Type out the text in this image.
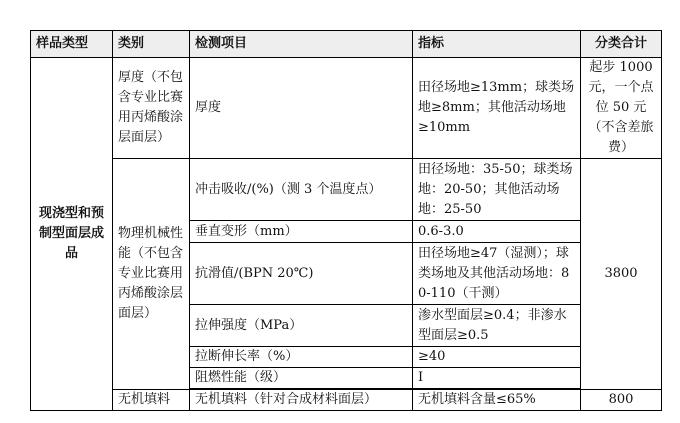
样品类型	类别	检测项目	指标	分类合计
现浇型和预制型面层成品	厚度（不包含专业比赛用丙烯酸涂层面层）	厚度	田径场地≥13mm；球类场地≥8mm；其他活动场地≥10mm	起步 1000 元，一个点位 50 元（不含差旅费）
	物理机械性能（不包含专业比赛用丙烯酸涂层面层）	冲击吸收/(%)（测 3 个温度点）	田径场地：35-50；球类场地：20-50；其他活动场地：25-50	3800
		垂直变形（mm）	0.6-3.0	
		抗滑值/(BPN 20℃)	田径场地≥47（湿测）；球类场地及其他活动场地：80-110（干测）	
		拉伸强度（MPa）	渗水型面层≥0.4；非渗水型面层≥0.5	
		拉断伸长率（%）	≥40	
		阻燃性能（级）	I	

	无机填料	无机填料（针对合成材料面层）	无机填料含量≤65%	800
